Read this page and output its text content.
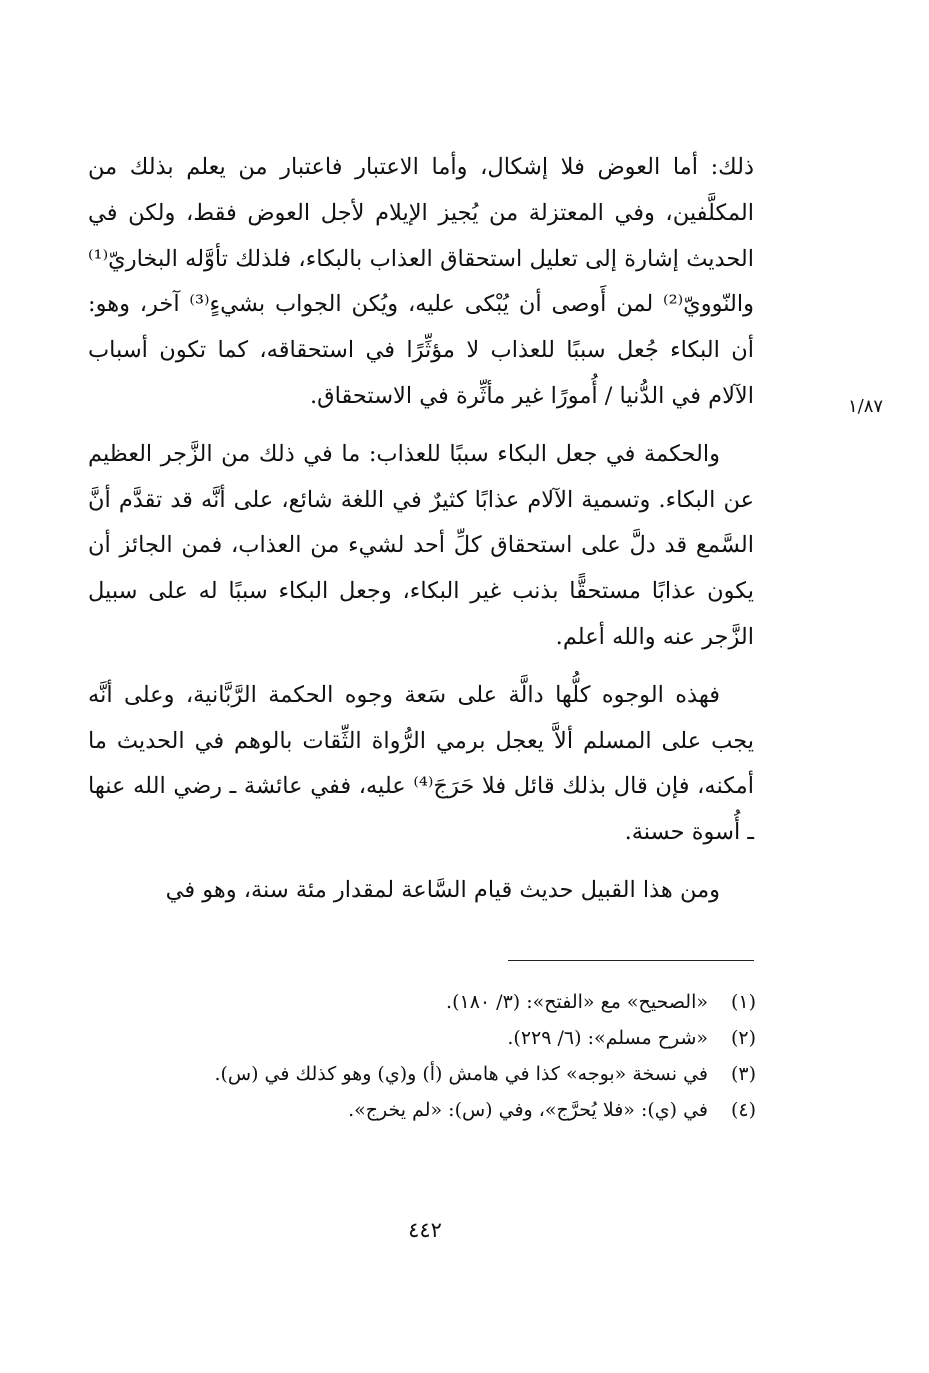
١/٨٧

ذلك: أما العوض فلا إشكال، وأما الاعتبار فاعتبار من يعلم بذلك من المكلَّفين، وفي المعتزلة من يُجيز الإيلام لأجل العوض فقط، ولكن في الحديث إشارة إلى تعليل استحقاق العذاب بالبكاء، فلذلك تأوَّله البخاريّ⁽¹⁾ والنّوويّ⁽²⁾ لمن أَوصى أن يُبْكى عليه، ويُكن الجواب بشيءٍ⁽³⁾ آخر، وهو: أن البكاء جُعل سببًا للعذاب لا مؤثِّرًا في استحقاقه، كما تكون أسباب الآلام في الدُّنيا / أُمورًا غير مأثِّرة في الاستحقاق.

والحكمة في جعل البكاء سببًا للعذاب: ما في ذلك من الزَّجر العظيم عن البكاء. وتسمية الآلام عذابًا كثيرٌ في اللغة شائع، على أنَّه قد تقدَّم أنَّ السَّمع قد دلَّ على استحقاق كلِّ أحد لشيء من العذاب، فمن الجائز أن يكون عذابًا مستحقًّا بذنب غير البكاء، وجعل البكاء سببًا له على سبيل الزَّجر عنه والله أعلم.

فهذه الوجوه كلُّها دالَّة على سَعة وجوه الحكمة الرَّبَّانية، وعلى أنَّه يجب على المسلم ألاَّ يعجل برمي الرُّواة الثِّقات بالوهم في الحديث ما أمكنه، فإن قال بذلك قائل فلا حَرَجَ⁽⁴⁾ عليه، ففي عائشة ـ رضي الله عنها ـ أُسوة حسنة.

ومن هذا القبيل حديث قيام السَّاعة لمقدار مئة سنة، وهو في

(١)
«الصحيح» مع «الفتح»: (٣/ ١٨٠).
(٢)
«شرح مسلم»: (٦/ ٢٢٩).
(٣)
في نسخة «بوجه» كذا في هامش (أ) و(ي) وهو كذلك في (س).
(٤)
في (ي): «فلا يُحرَّج»، وفي (س): «لم يخرج».
٤٤٢
